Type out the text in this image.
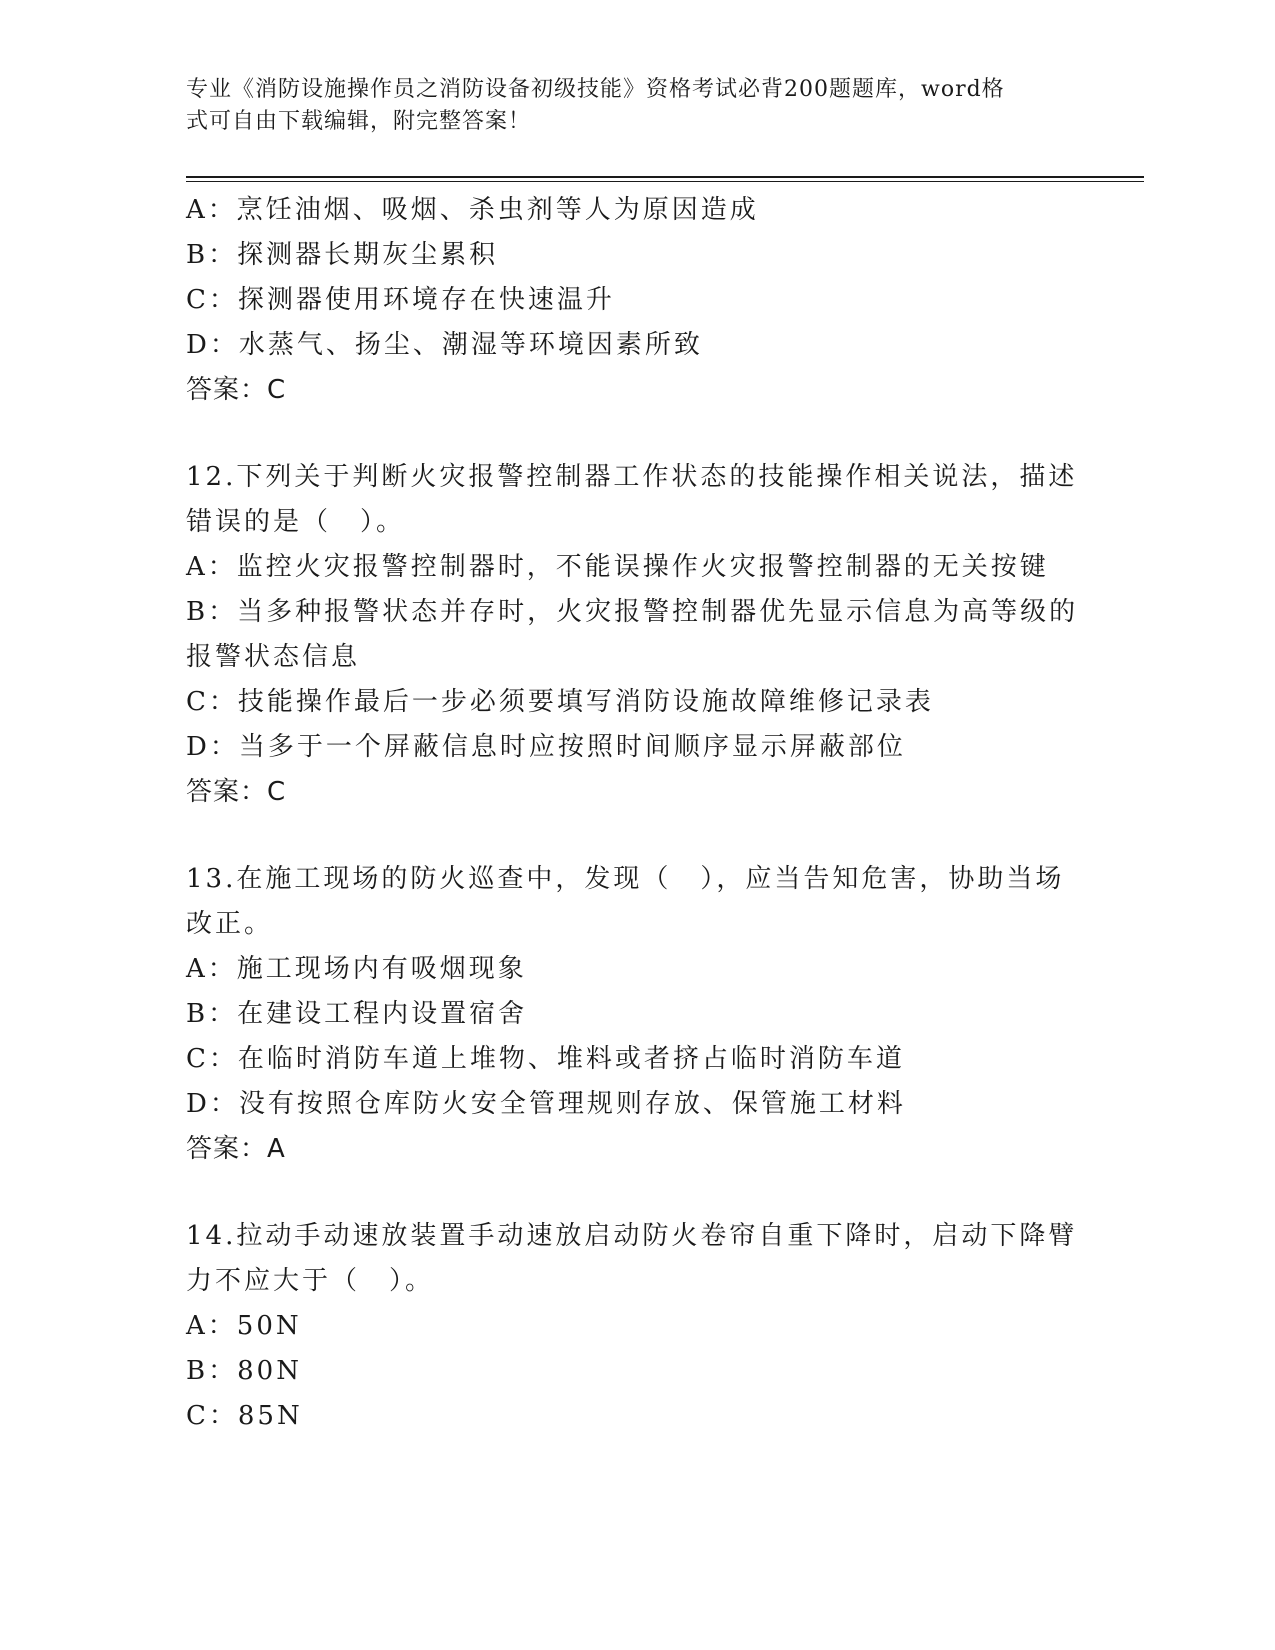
专业《消防设施操作员之消防设备初级技能》资格考试必背200题题库，word格
式可自由下载编辑，附完整答案！
A：烹饪油烟、吸烟、杀虫剂等人为原因造成
B：探测器长期灰尘累积
C：探测器使用环境存在快速温升
D：水蒸气、扬尘、潮湿等环境因素所致
答案：C
12.下列关于判断火灾报警控制器工作状态的技能操作相关说法，描述
错误的是（　）。
A：监控火灾报警控制器时，不能误操作火灾报警控制器的无关按键
B：当多种报警状态并存时，火灾报警控制器优先显示信息为高等级的
报警状态信息
C：技能操作最后一步必须要填写消防设施故障维修记录表
D：当多于一个屏蔽信息时应按照时间顺序显示屏蔽部位
答案：C
13.在施工现场的防火巡查中，发现（　），应当告知危害，协助当场
改正。
A：施工现场内有吸烟现象
B：在建设工程内设置宿舍
C：在临时消防车道上堆物、堆料或者挤占临时消防车道
D：没有按照仓库防火安全管理规则存放、保管施工材料
答案：A
14.拉动手动速放装置手动速放启动防火卷帘自重下降时，启动下降臂
力不应大于（　）。
A：50N
B：80N
C：85N
